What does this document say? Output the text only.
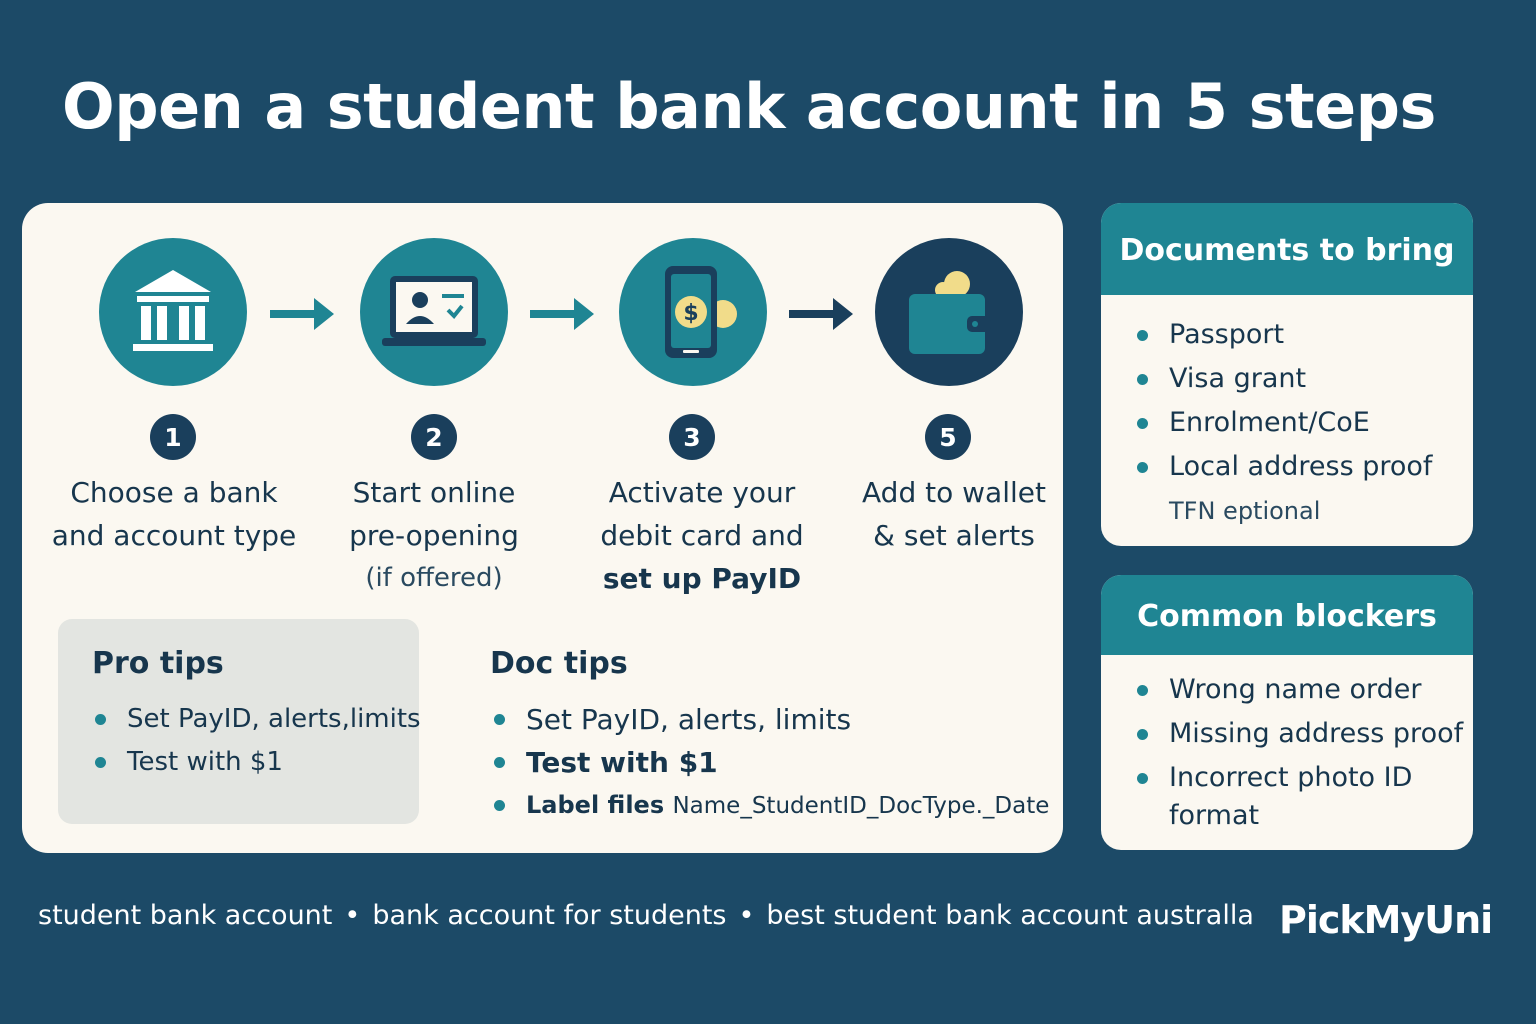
Open a student bank account in 5 steps
$
1	2	3	5
Choose a bank
and account type
Start online
pre-opening
(if offered)
Activate your
debit card and
set up PayID
Add to wallet
& set alerts
Pro tips
Set PayID, alerts,limits
Test with $1
Doc tips
Set PayID, alerts, limits
Test with $1
Label files Name_StudentID_DocType._Date
Documents to bring
Passport
Visa grant
Enrolment/CoE
Local address proof
TFN eptional
Common blockers
Wrong name order
Missing address proof
Incorrect photo ID format
student bank account • bank account for students • best student bank account australla PickMyUni
